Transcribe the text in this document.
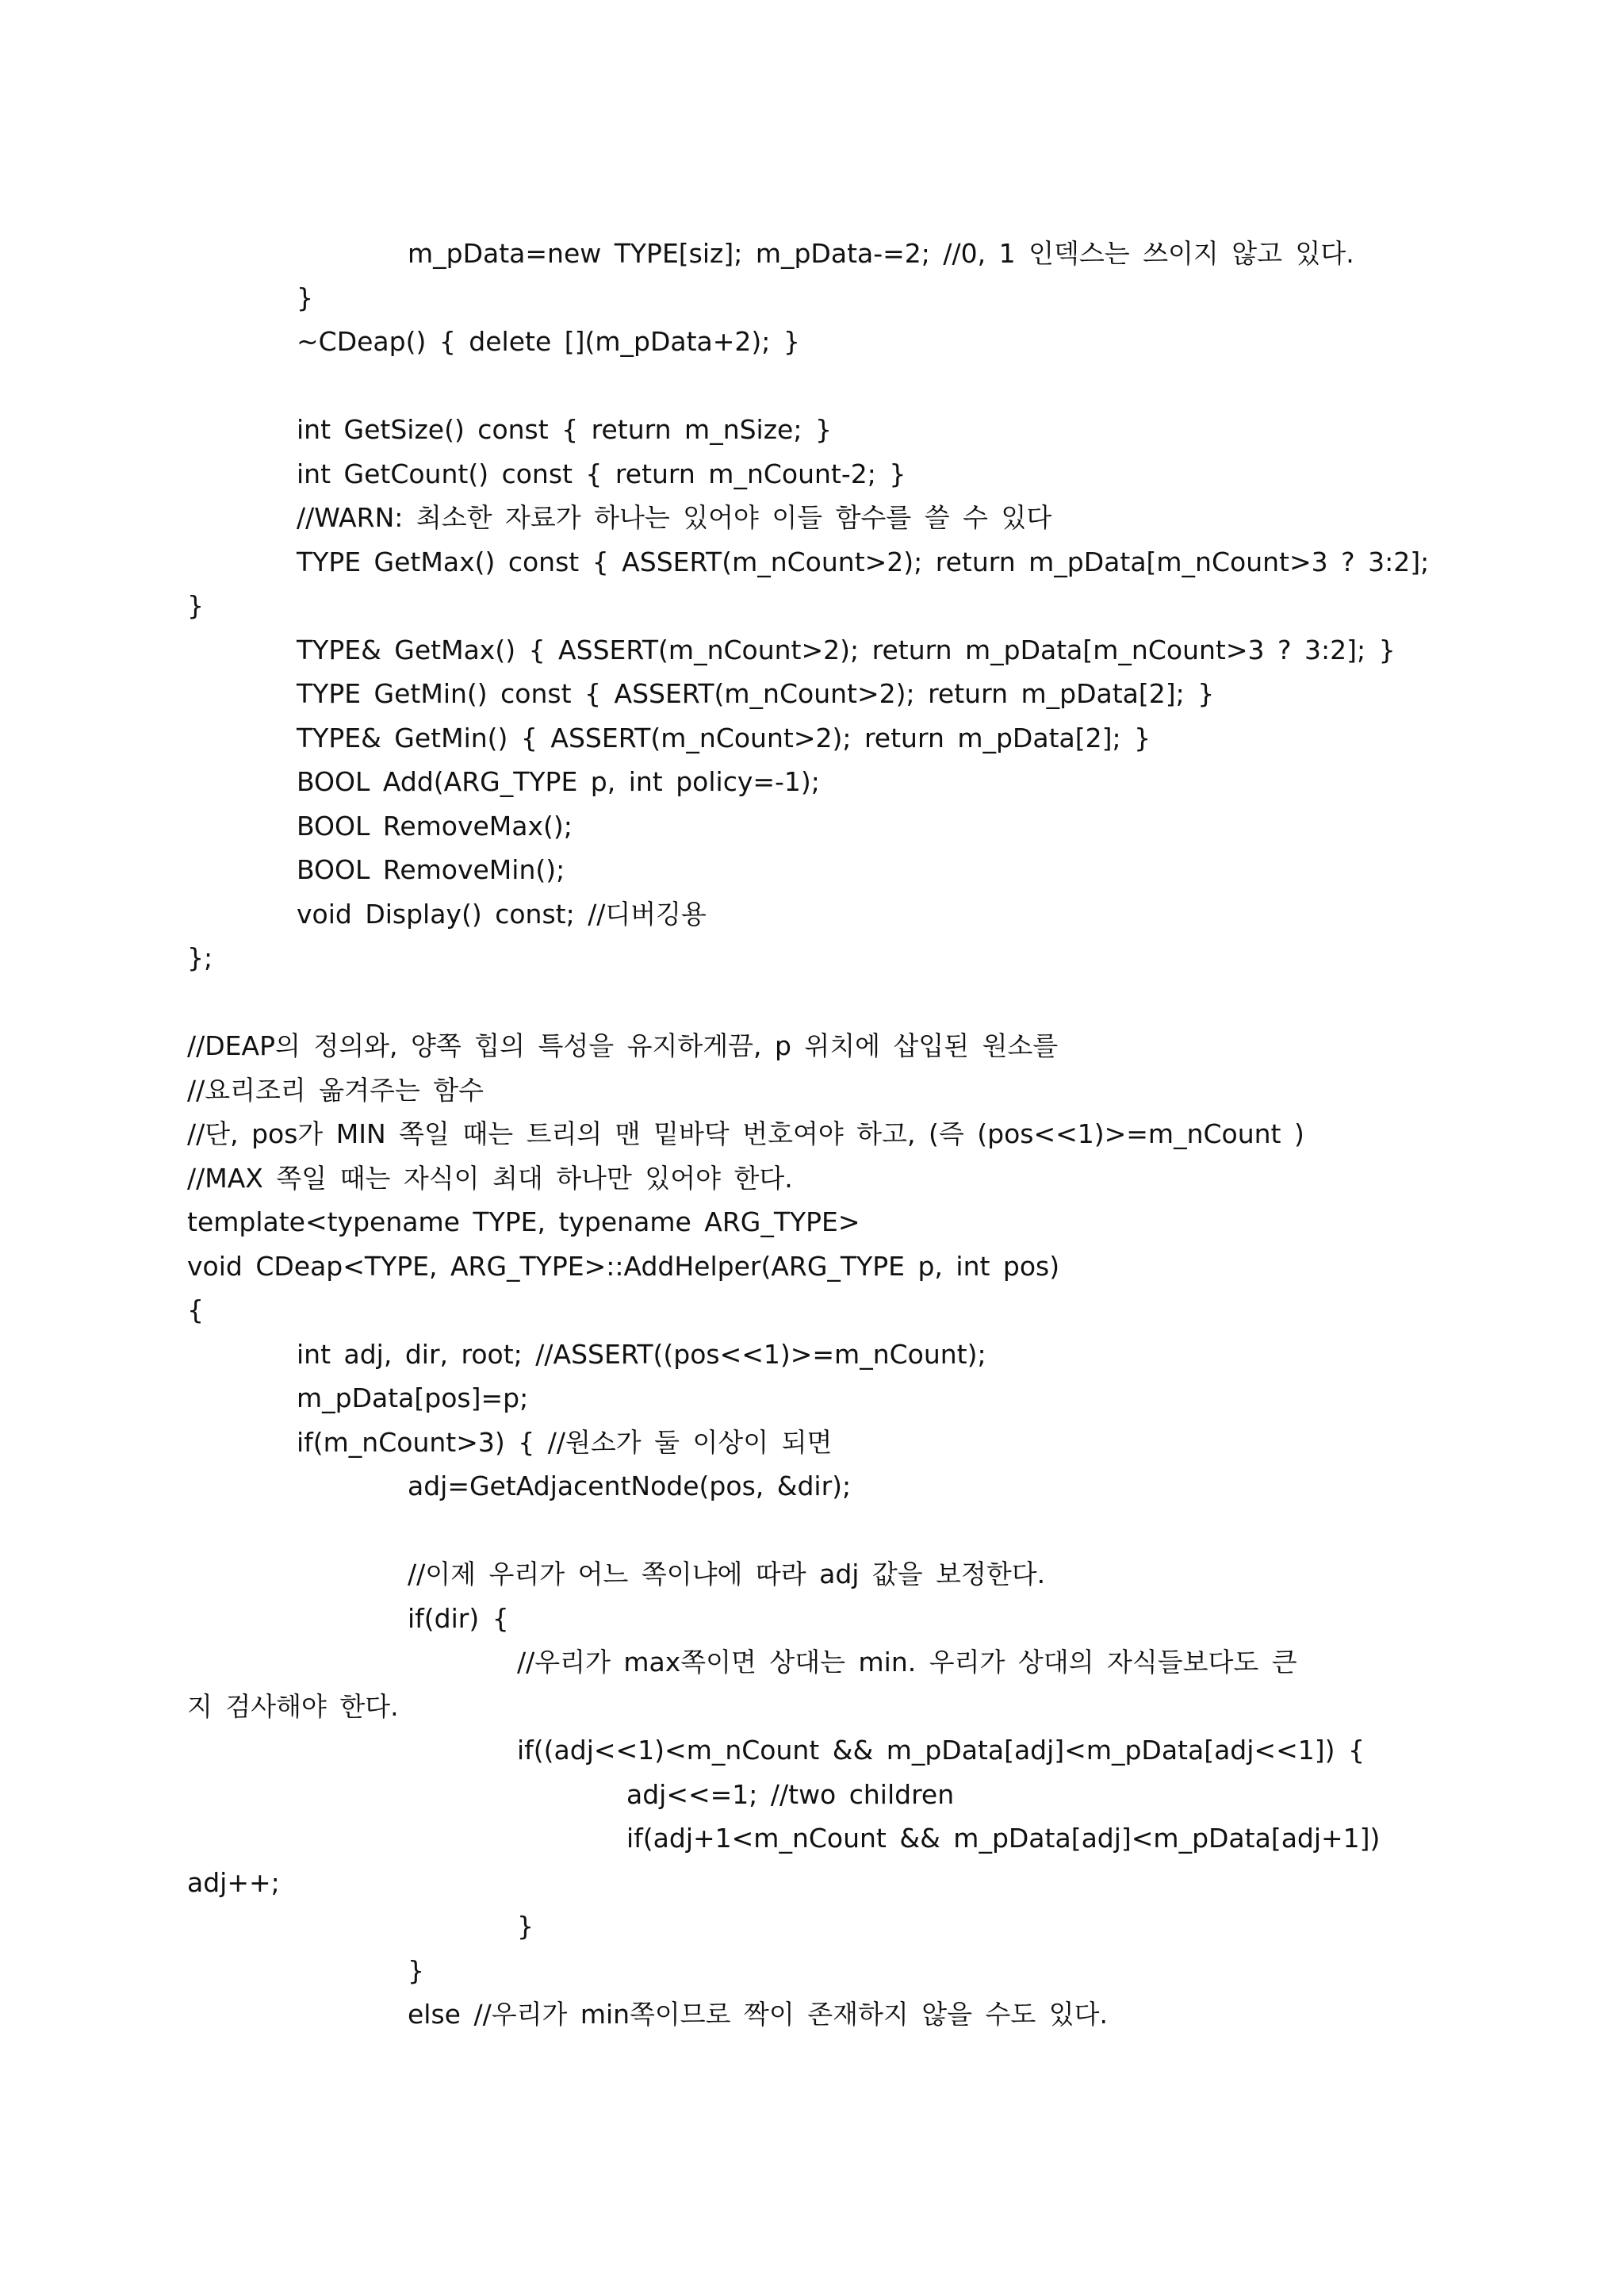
m_pData=new TYPE[siz]; m_pData-=2; //0, 1 인덱스는 쓰이지 않고 있다.
}
~CDeap() { delete [](m_pData+2); }
int GetSize() const { return m_nSize; }
int GetCount() const { return m_nCount-2; }
//WARN: 최소한 자료가 하나는 있어야 이들 함수를 쓸 수 있다
TYPE GetMax() const { ASSERT(m_nCount>2); return m_pData[m_nCount>3 ? 3:2];
}
TYPE& GetMax() { ASSERT(m_nCount>2); return m_pData[m_nCount>3 ? 3:2]; }
TYPE GetMin() const { ASSERT(m_nCount>2); return m_pData[2]; }
TYPE& GetMin() { ASSERT(m_nCount>2); return m_pData[2]; }
BOOL Add(ARG_TYPE p, int policy=-1);
BOOL RemoveMax();
BOOL RemoveMin();
void Display() const; //디버깅용
};
//DEAP의 정의와, 양쪽 힙의 특성을 유지하게끔, p 위치에 삽입된 원소를
//요리조리 옮겨주는 함수
//단, pos가 MIN 쪽일 때는 트리의 맨 밑바닥 번호여야 하고, (즉 (pos<<1)>=m_nCount )
//MAX 쪽일 때는 자식이 최대 하나만 있어야 한다.
template<typename TYPE, typename ARG_TYPE>
void CDeap<TYPE, ARG_TYPE>::AddHelper(ARG_TYPE p, int pos)
{
int adj, dir, root; //ASSERT((pos<<1)>=m_nCount);
m_pData[pos]=p;
if(m_nCount>3) { //원소가 둘 이상이 되면
adj=GetAdjacentNode(pos, &dir);
//이제 우리가 어느 쪽이냐에 따라 adj 값을 보정한다.
if(dir) {
//우리가 max쪽이면 상대는 min. 우리가 상대의 자식들보다도 큰
지 검사해야 한다.
if((adj<<1)<m_nCount && m_pData[adj]<m_pData[adj<<1]) {
adj<<=1; //two children
if(adj+1<m_nCount && m_pData[adj]<m_pData[adj+1])
adj++;
}
}
else //우리가 min쪽이므로 짝이 존재하지 않을 수도 있다.
